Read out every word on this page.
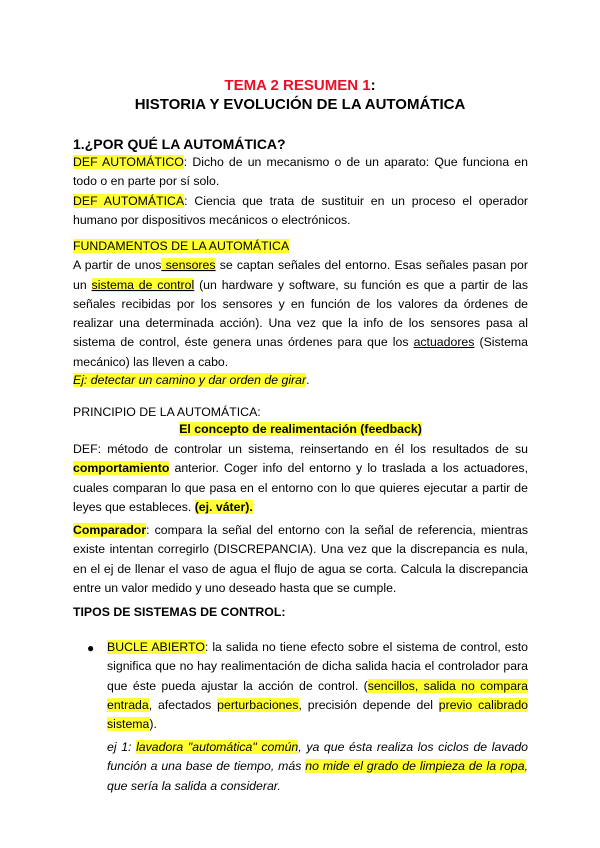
TEMA 2 RESUMEN 1:
HISTORIA Y EVOLUCIÓN DE LA AUTOMÁTICA
1.¿POR QUÉ LA AUTOMÁTICA?
DEF AUTOMÁTICO: Dicho de un mecanismo o de un aparato: Que funciona en
todo o en parte por sí solo.
DEF AUTOMÁTICA: Ciencia que trata de sustituir en un proceso el operador
humano por dispositivos mecánicos o electrónicos.
FUNDAMENTOS DE LA AUTOMÁTICA
A partir de unos sensores se captan señales del entorno. Esas señales pasan por
un sistema de control (un hardware y software, su función es que a partir de las
señales recibidas por los sensores y en función de los valores da órdenes de
realizar una determinada acción). Una vez que la info de los sensores pasa al
sistema de control, éste genera unas órdenes para que los actuadores (Sistema
mecánico) las lleven a cabo.
Ej: detectar un camino y dar orden de girar.
PRINCIPIO DE LA AUTOMÁTICA:
El concepto de realimentación (feedback)
DEF: método de controlar un sistema, reinsertando en él los resultados de su
comportamiento anterior. Coger info del entorno y lo traslada a los actuadores,
cuales comparan lo que pasa en el entorno con lo que quieres ejecutar a partir de
leyes que estableces. (ej. váter).
Comparador: compara la señal del entorno con la señal de referencia, mientras
existe intentan corregirlo (DISCREPANCIA). Una vez que la discrepancia es nula,
en el ej de llenar el vaso de agua el flujo de agua se corta. Calcula la discrepancia
entre un valor medido y uno deseado hasta que se cumple.
TIPOS DE SISTEMAS DE CONTROL:
● BUCLE ABIERTO: la salida no tiene efecto sobre el sistema de control, esto
significa que no hay realimentación de dicha salida hacia el controlador para
que éste pueda ajustar la acción de control. (sencillos, salida no compara
entrada, afectados perturbaciones, precisión depende del previo calibrado
sistema).
ej 1: lavadora "automática" común, ya que ésta realiza los ciclos de lavado
función a una base de tiempo, más no mide el grado de limpieza de la ropa,
que sería la salida a considerar.
